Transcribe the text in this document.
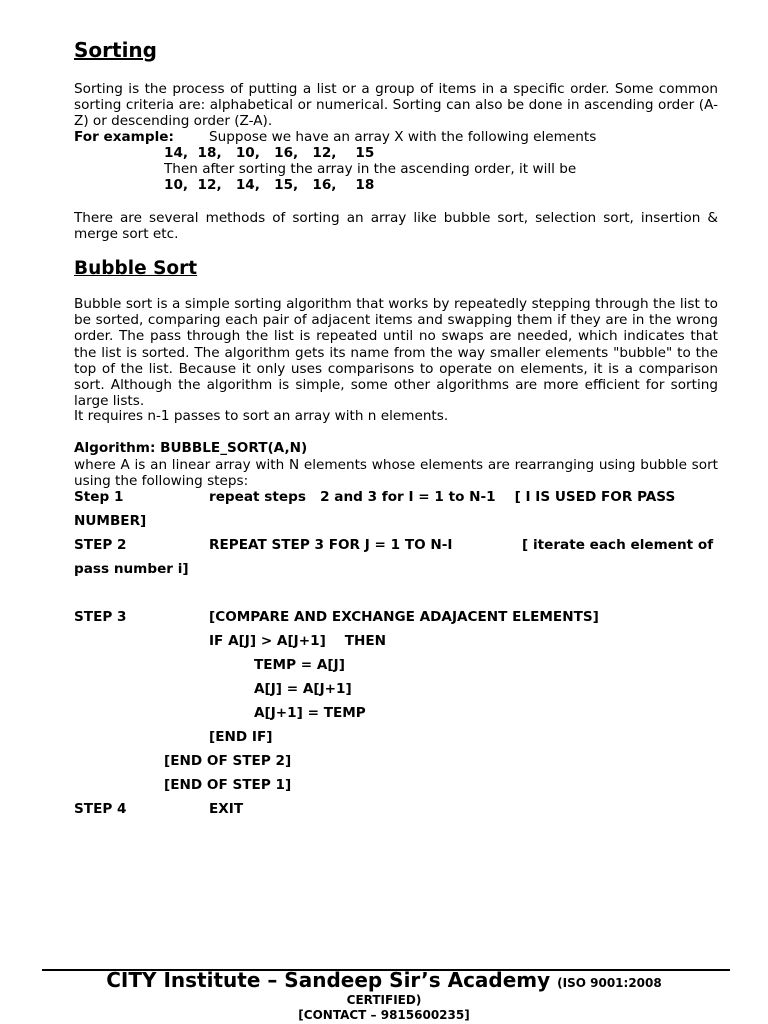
Sorting
Sorting is the process of putting a list or a group of items in a specific order. Some common sorting criteria are: alphabetical or numerical. Sorting can also be done in ascending order (A-Z) or descending order (Z-A).
For example:	Suppose we have an array X with the following elements
14,  18,   10,   16,   12,    15
Then after sorting the array in the ascending order, it will be
10,  12,   14,   15,   16,    18
There are several methods of sorting an array like bubble sort, selection sort, insertion & merge sort etc.
Bubble Sort
Bubble sort is a simple sorting algorithm that works by repeatedly stepping through the list to be sorted, comparing each pair of adjacent items and swapping them if they are in the wrong order. The pass through the list is repeated until no swaps are needed, which indicates that the list is sorted. The algorithm gets its name from the way smaller elements "bubble" to the top of the list. Because it only uses comparisons to operate on elements, it is a comparison sort. Although the algorithm is simple, some other algorithms are more efficient for sorting large lists.
It requires n-1 passes to sort an array with n elements.
Algorithm: BUBBLE_SORT(A,N)
where A is an linear array with N elements whose elements are rearranging using bubble sort using the following steps:
Step 1	repeat steps   2 and 3 for I = 1 to N-1    [ I IS USED FOR PASS
NUMBER]
STEP 2	REPEAT STEP 3 FOR J = 1 TO N-I	[ iterate each element of
pass number i]
STEP 3	[COMPARE AND EXCHANGE ADAJACENT ELEMENTS]
IF A[J] > A[J+1]    THEN
TEMP = A[J]
A[J] = A[J+1]
A[J+1] = TEMP
[END IF]
[END OF STEP 2]
[END OF STEP 1]
STEP 4	EXIT
CITY Institute – Sandeep Sir’s Academy (ISO 9001:2008
CERTIFIED)
[CONTACT – 9815600235]
